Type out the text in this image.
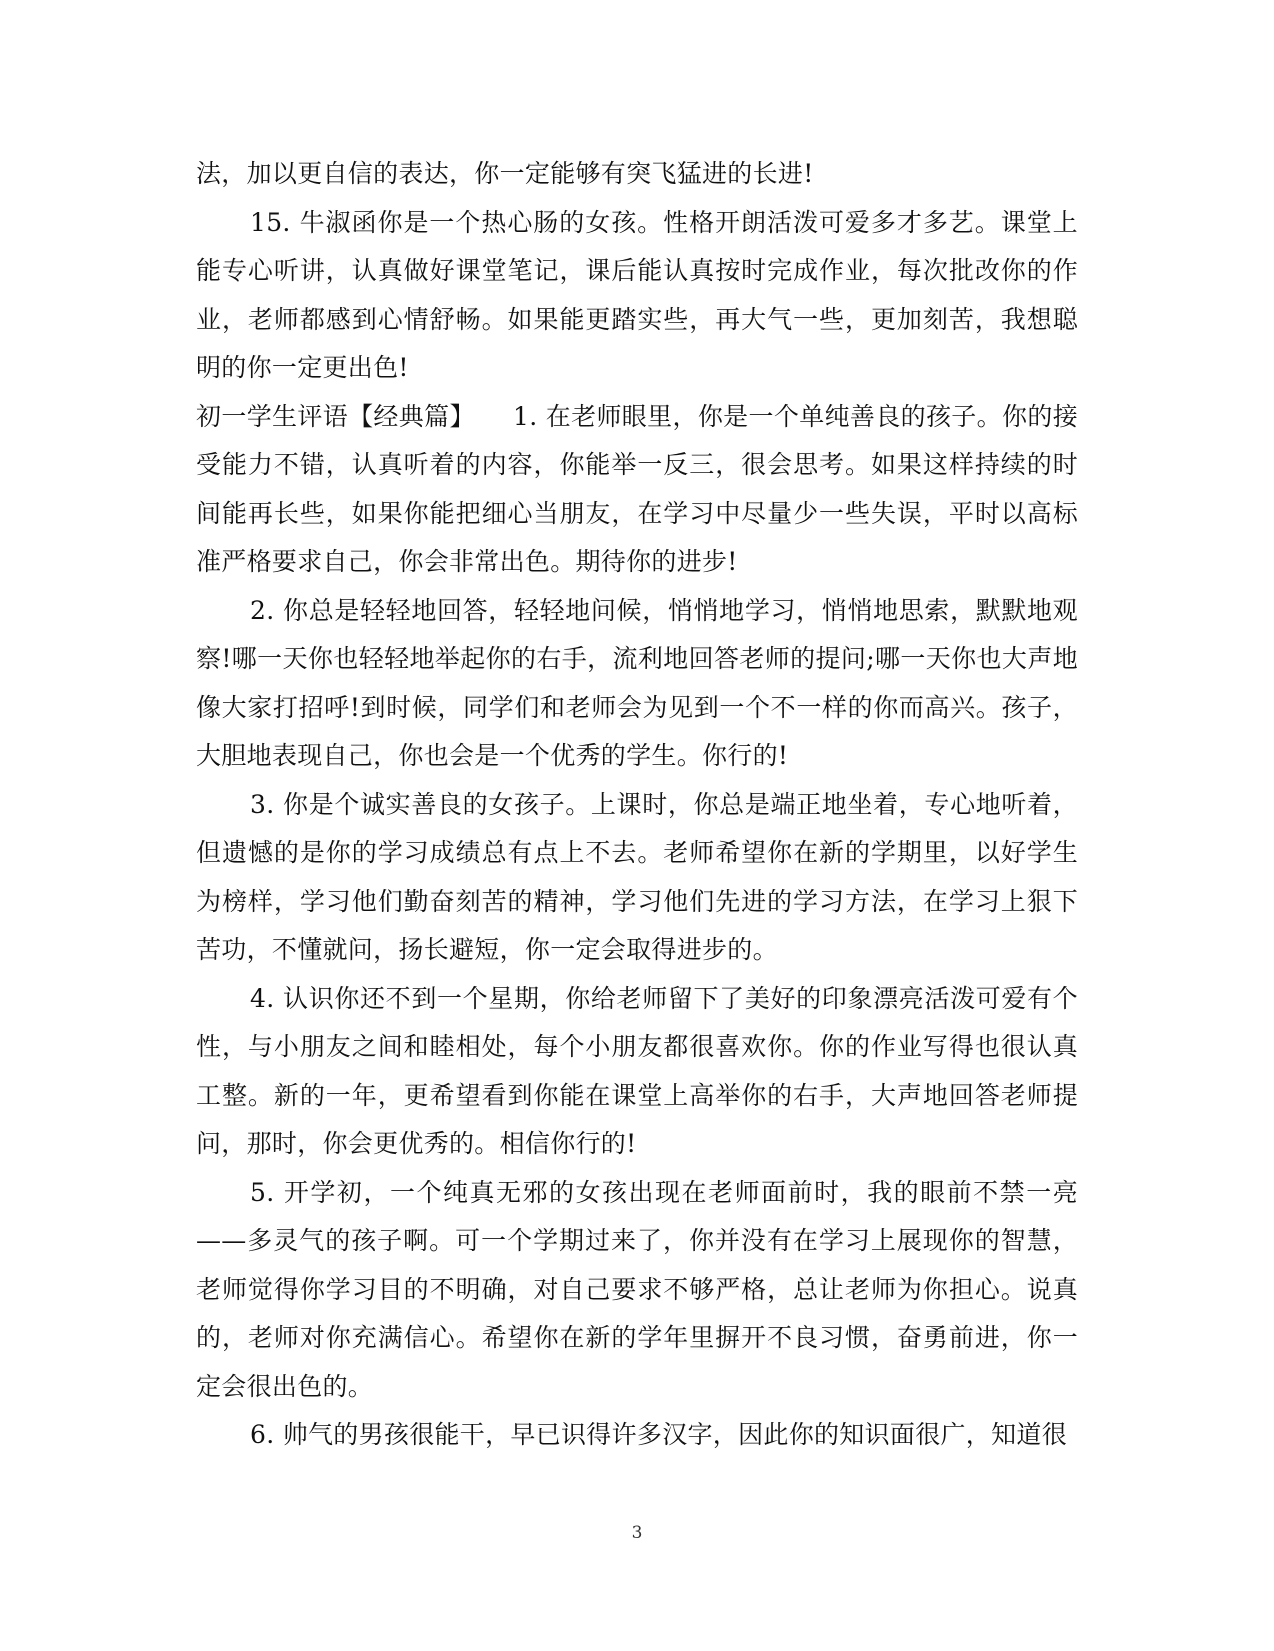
法，加以更自信的表达，你一定能够有突飞猛进的长进!

15. 牛淑函你是一个热心肠的女孩。性格开朗活泼可爱多才多艺。课堂上能专心听讲，认真做好课堂笔记，课后能认真按时完成作业，每次批改你的作业，老师都感到心情舒畅。如果能更踏实些，再大气一些，更加刻苦，我想聪明的你一定更出色!

初一学生评语【经典篇】　　1. 在老师眼里，你是一个单纯善良的孩子。你的接受能力不错，认真听着的内容，你能举一反三，很会思考。如果这样持续的时间能再长些，如果你能把细心当朋友，在学习中尽量少一些失误，平时以高标准严格要求自己，你会非常出色。期待你的进步!

2. 你总是轻轻地回答，轻轻地问候，悄悄地学习，悄悄地思索，默默地观察!哪一天你也轻轻地举起你的右手，流利地回答老师的提问;哪一天你也大声地像大家打招呼!到时候，同学们和老师会为见到一个不一样的你而高兴。孩子，大胆地表现自己，你也会是一个优秀的学生。你行的!

3. 你是个诚实善良的女孩子。上课时，你总是端正地坐着，专心地听着，但遗憾的是你的学习成绩总有点上不去。老师希望你在新的学期里，以好学生为榜样，学习他们勤奋刻苦的精神，学习他们先进的学习方法，在学习上狠下苦功，不懂就问，扬长避短，你一定会取得进步的。

4. 认识你还不到一个星期，你给老师留下了美好的印象漂亮活泼可爱有个性，与小朋友之间和睦相处，每个小朋友都很喜欢你。你的作业写得也很认真工整。新的一年，更希望看到你能在课堂上高举你的右手，大声地回答老师提问，那时，你会更优秀的。相信你行的!

5. 开学初，一个纯真无邪的女孩出现在老师面前时，我的眼前不禁一亮——多灵气的孩子啊。可一个学期过来了，你并没有在学习上展现你的智慧，老师觉得你学习目的不明确，对自己要求不够严格，总让老师为你担心。说真的，老师对你充满信心。希望你在新的学年里摒开不良习惯，奋勇前进，你一定会很出色的。

6. 帅气的男孩很能干，早已识得许多汉字，因此你的知识面很广，知道很

3
